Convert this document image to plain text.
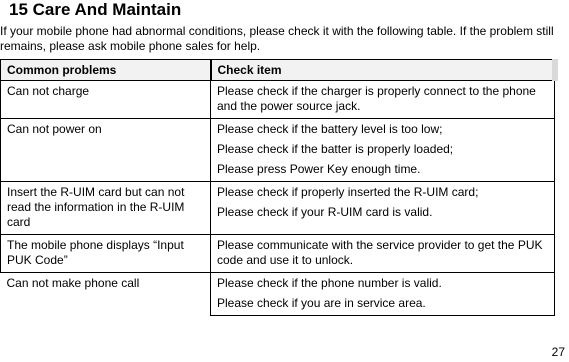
15 Care And Maintain
If your mobile phone had abnormal conditions, please check it with the following table. If the problem still remains, please ask mobile phone sales for help.
Common problems	Check item
Can not charge	Please check if the charger is properly connect to the phone and the power source jack.

Can not power on	Please check if the battery level is too low;
Please check if the batter is properly loaded;
Please press Power Key enough time.

Insert the R-UIM card but can not read the information in the R-UIM card	Please check if properly inserted the R-UIM card;
Please check if your R-UIM card is valid.

The mobile phone displays “Input PUK Code”	Please communicate with the service provider to get the PUK code and use it to unlock.

Can not make phone call	Please check if the phone number is valid.
Please check if you are in service area.
27
